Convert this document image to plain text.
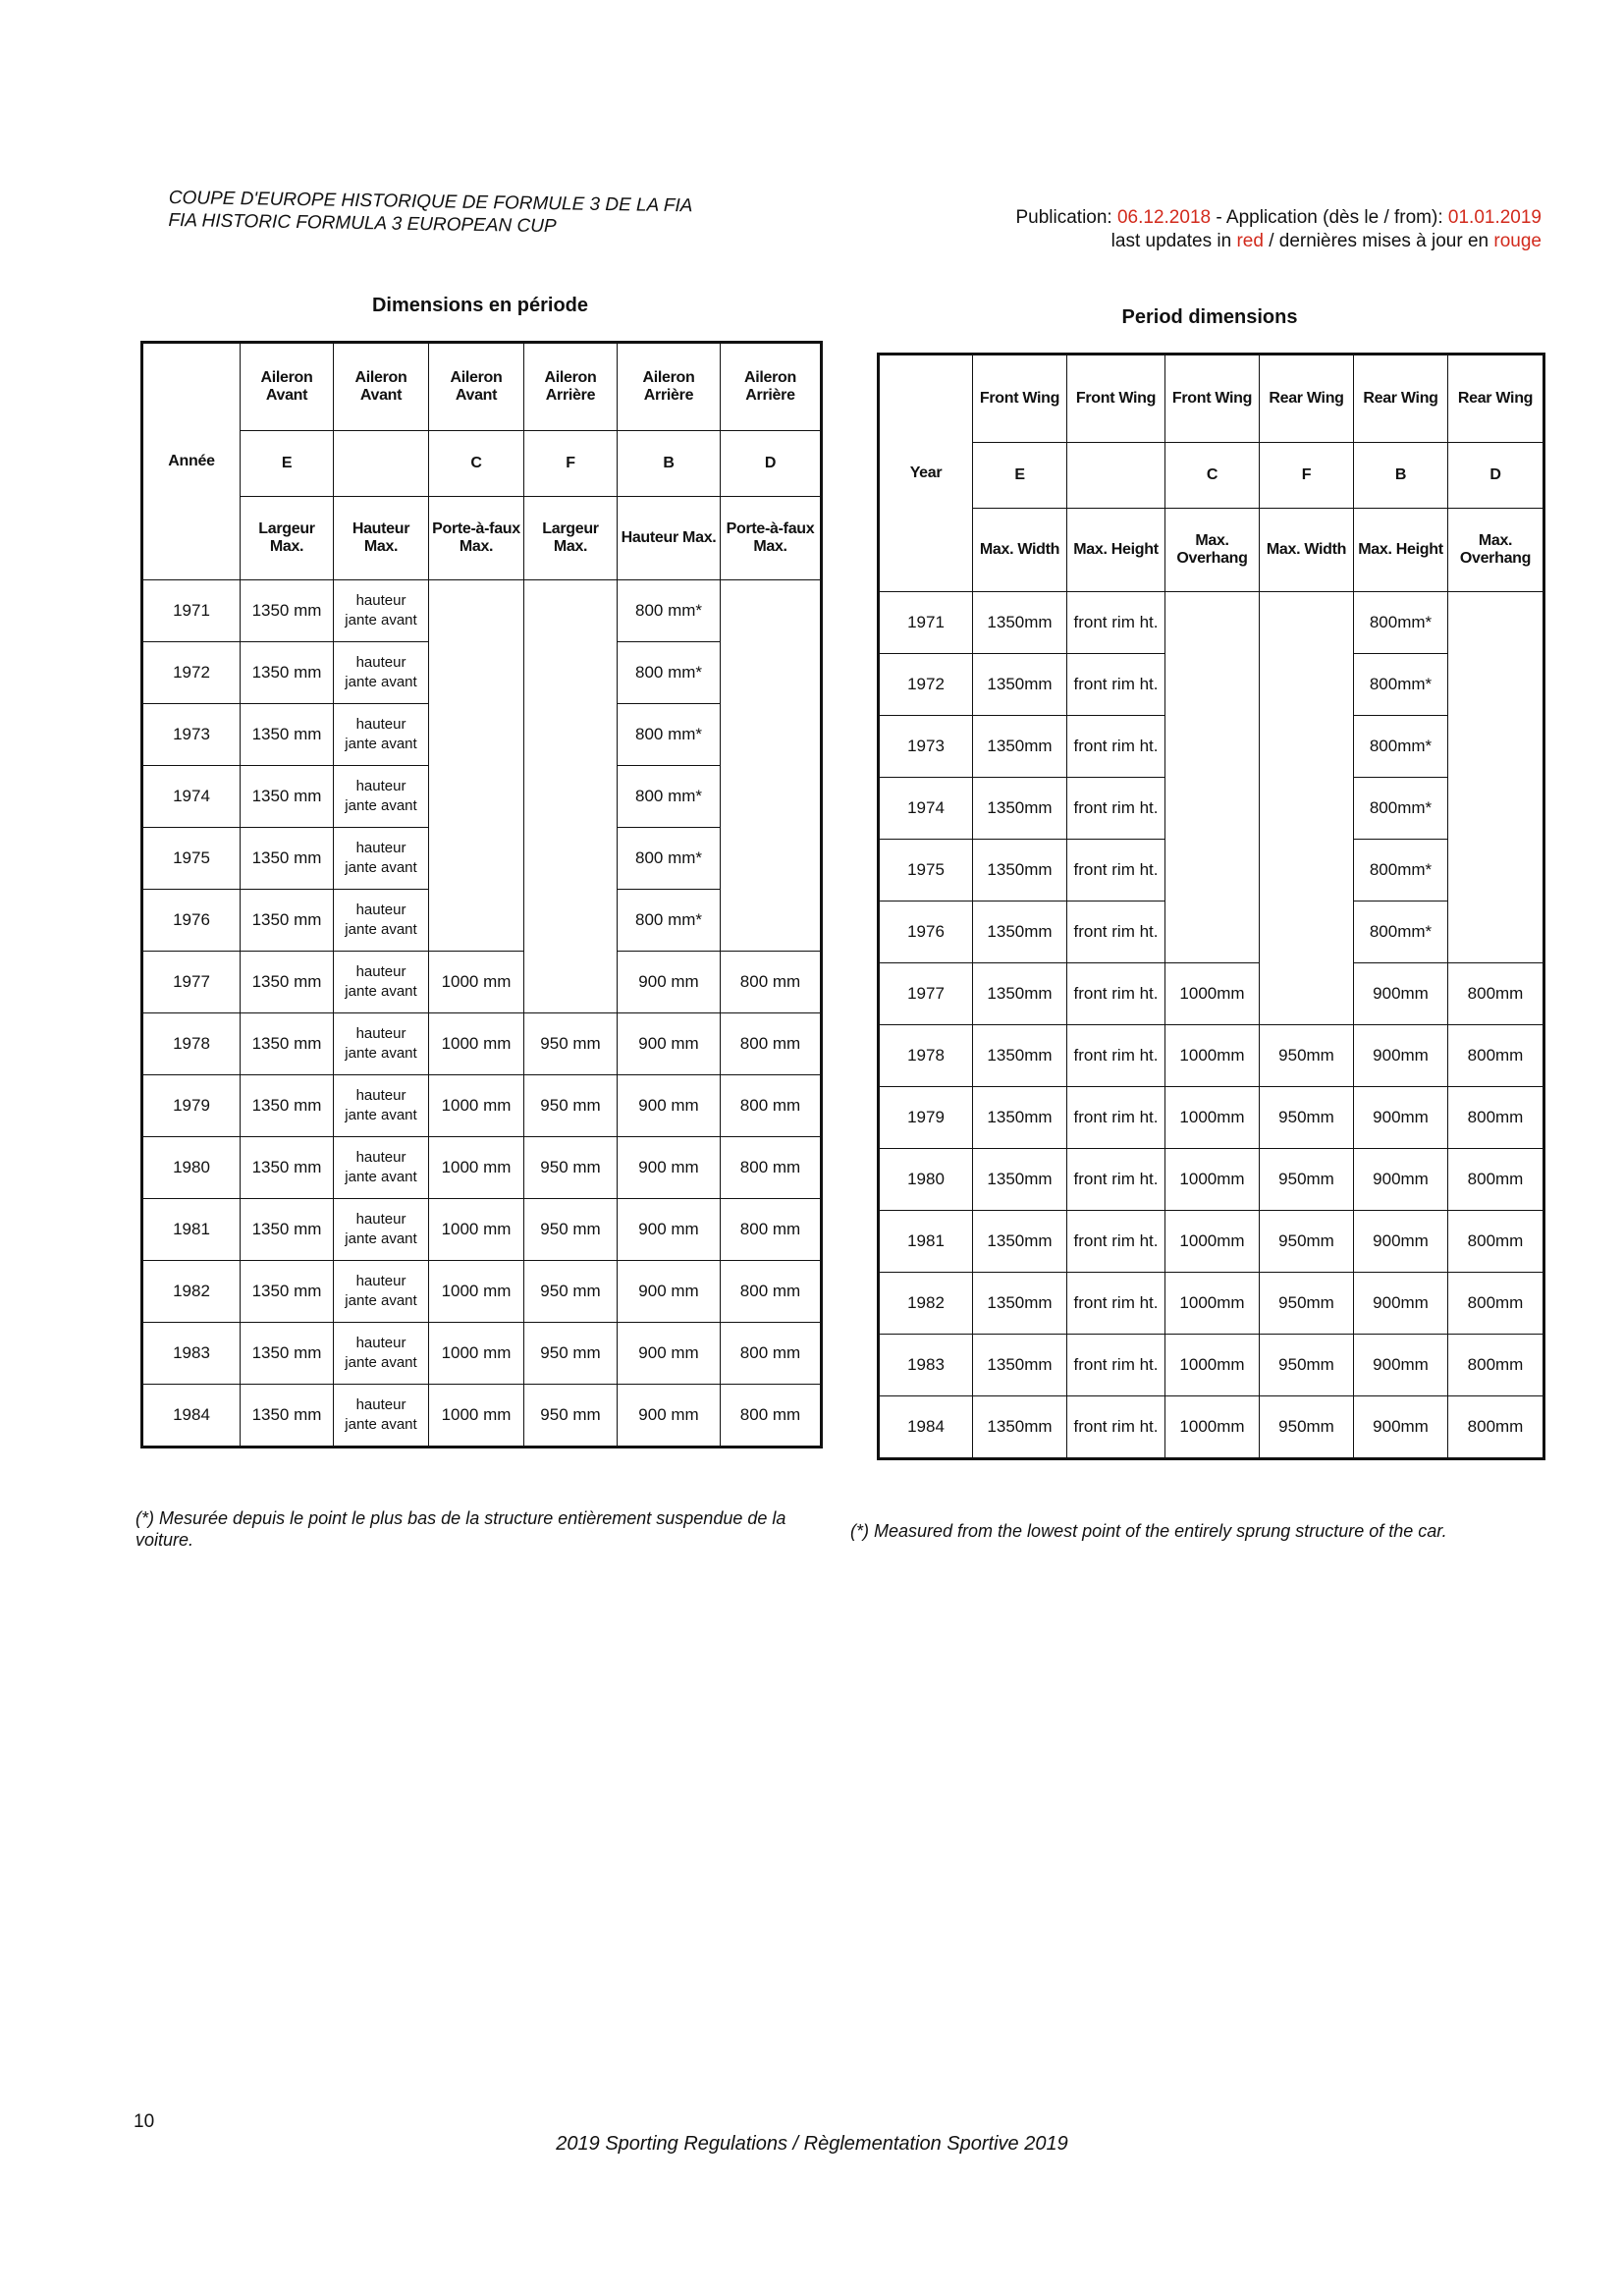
COUPE D'EUROPE HISTORIQUE DE FORMULE 3 DE LA FIA
FIA HISTORIC FORMULA 3 EUROPEAN CUP	Publication: 06.12.2018 - Application (dès le / from): 01.01.2019
last updates in red / dernières mises à jour en rouge
Dimensions en période
Année	Aileron Avant	Aileron Avant	Aileron Avant	Aileron Arrière	Aileron Arrière	Aileron Arrière
	E		C	F	B	D
	Largeur Max.	Hauteur Max.	Porte-à-faux Max.	Largeur Max.	Hauteur Max.	Porte-à-faux Max.
1971	1350 mm	hauteur
jante avant			800 mm*	
1972	1350 mm	hauteur
jante avant			800 mm*	
1973	1350 mm	hauteur
jante avant			800 mm*	
1974	1350 mm	hauteur
jante avant			800 mm*	
1975	1350 mm	hauteur
jante avant			800 mm*	
1976	1350 mm	hauteur
jante avant			800 mm*	
1977	1350 mm	hauteur
jante avant	1000 mm		900 mm	800 mm
1978	1350 mm	hauteur
jante avant	1000 mm	950 mm	900 mm	800 mm
1979	1350 mm	hauteur
jante avant	1000 mm	950 mm	900 mm	800 mm
1980	1350 mm	hauteur
jante avant	1000 mm	950 mm	900 mm	800 mm
1981	1350 mm	hauteur
jante avant	1000 mm	950 mm	900 mm	800 mm
1982	1350 mm	hauteur
jante avant	1000 mm	950 mm	900 mm	800 mm
1983	1350 mm	hauteur
jante avant	1000 mm	950 mm	900 mm	800 mm
1984	1350 mm	hauteur
jante avant	1000 mm	950 mm	900 mm	800 mm
Period dimensions
Year	Front Wing	Front Wing	Front Wing	Rear Wing	Rear Wing	Rear Wing
	E		C	F	B	D
	Max. Width	Max. Height	Max. Overhang	Max. Width	Max. Height	Max. Overhang
1971	1350mm	front rim ht.			800mm*	
1972	1350mm	front rim ht.			800mm*	
1973	1350mm	front rim ht.			800mm*	
1974	1350mm	front rim ht.			800mm*	
1975	1350mm	front rim ht.			800mm*	
1976	1350mm	front rim ht.			800mm*	
1977	1350mm	front rim ht.	1000mm		900mm	800mm
1978	1350mm	front rim ht.	1000mm	950mm	900mm	800mm
1979	1350mm	front rim ht.	1000mm	950mm	900mm	800mm
1980	1350mm	front rim ht.	1000mm	950mm	900mm	800mm
1981	1350mm	front rim ht.	1000mm	950mm	900mm	800mm
1982	1350mm	front rim ht.	1000mm	950mm	900mm	800mm
1983	1350mm	front rim ht.	1000mm	950mm	900mm	800mm
1984	1350mm	front rim ht.	1000mm	950mm	900mm	800mm
(*) Mesurée depuis le point le plus bas de la structure entièrement suspendue de la voiture.	(*) Measured from the lowest point of the entirely sprung structure of the car.
10
2019 Sporting Regulations / Règlementation Sportive 2019
